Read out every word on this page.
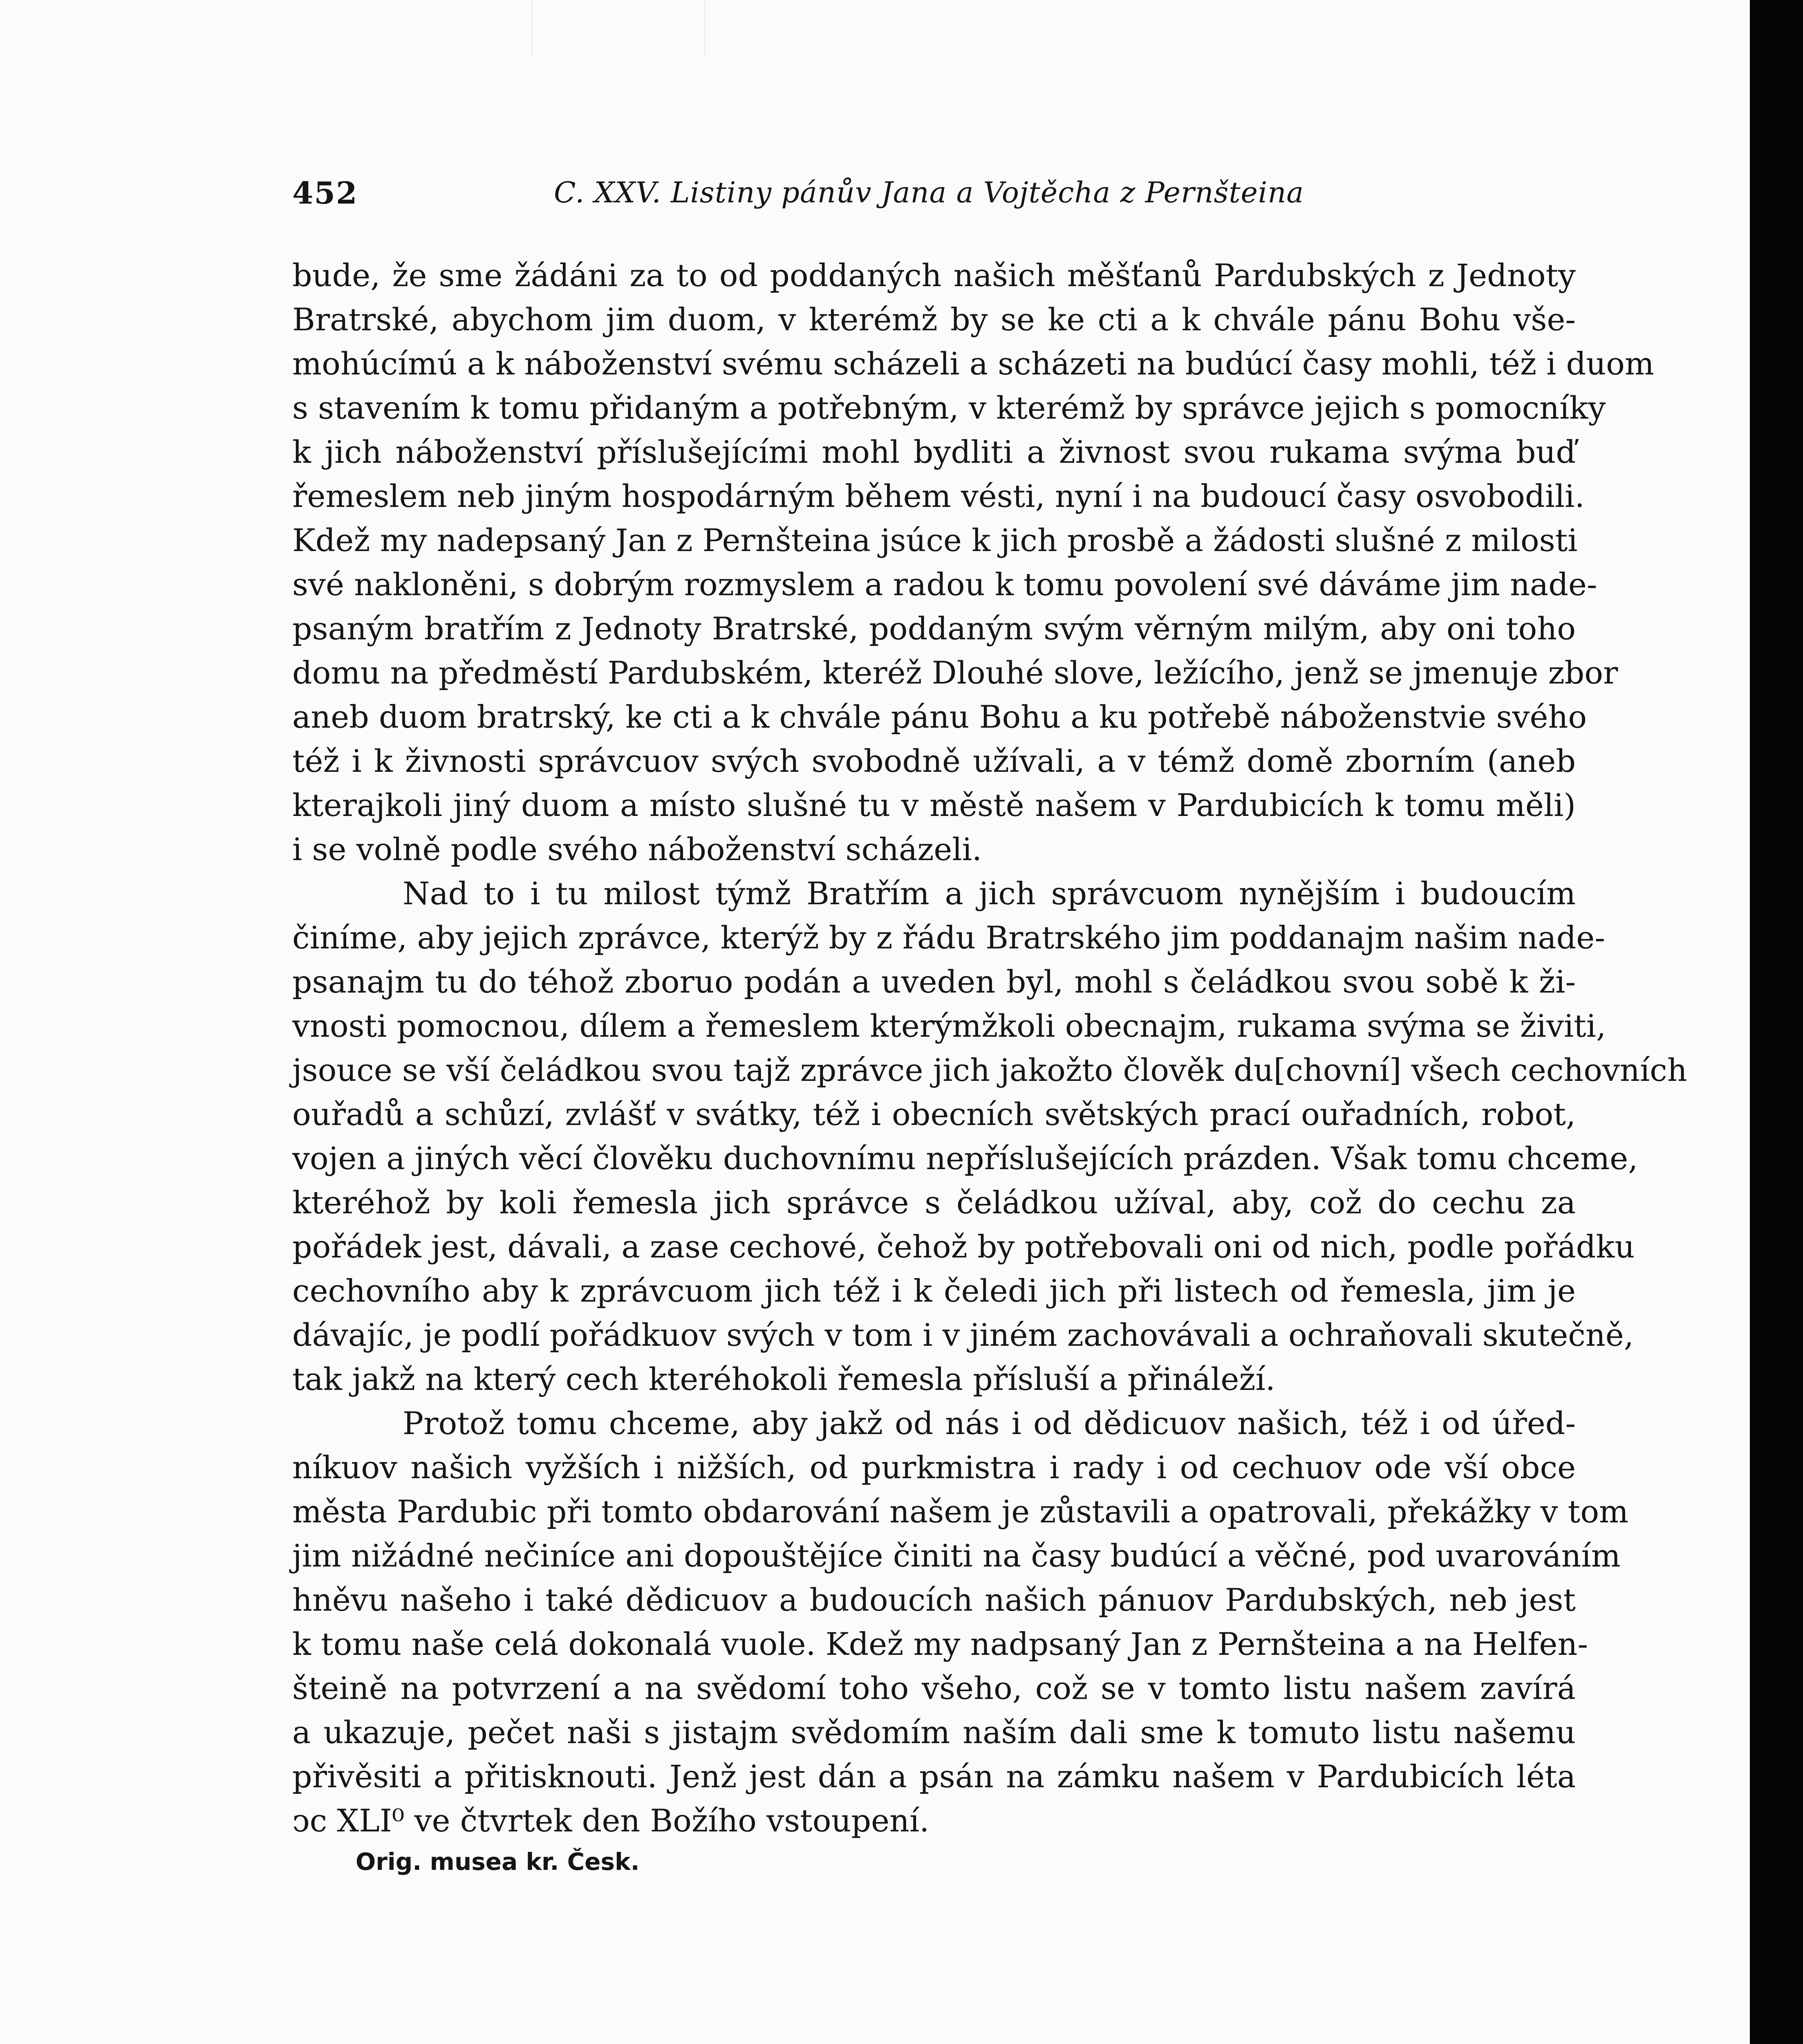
452	C. XXV. Listiny pánův Jana a Vojtěcha z Pernšteina
bude, že sme žádáni za to od poddaných našich měšťanů Pardubských z Jednoty
Bratrské, abychom jim duom, v kterémž by se ke cti a k chvále pánu Bohu vše-
mohúcímú a k náboženství svému scházeli a scházeti na budúcí časy mohli, též i duom
s stavením k tomu přidaným a potřebným, v kterémž by správce jejich s pomocníky
k jich náboženství příslušejícími mohl bydliti a živnost svou rukama svýma buď
řemeslem neb jiným hospodárným během vésti, nyní i na budoucí časy osvobodili.
Kdež my nadepsaný Jan z Pernšteina jsúce k jich prosbě a žádosti slušné z milosti
své nakloněni, s dobrým rozmyslem a radou k tomu povolení své dáváme jim nade-
psaným bratřím z Jednoty Bratrské, poddaným svým věrným milým, aby oni toho
domu na předměstí Pardubském, kteréž Dlouhé slove, ležícího, jenž se jmenuje zbor
aneb duom bratrský, ke cti a k chvále pánu Bohu a ku potřebě náboženstvie svého
též i k živnosti správcuov svých svobodně užívali, a v témž domě zborním (aneb
kterajkoli jiný duom a místo slušné tu v městě našem v Pardubicích k tomu měli)
i se volně podle svého náboženství scházeli.
Nad to i tu milost týmž Bratřím a jich správcuom nynějším i budoucím
činíme, aby jejich zprávce, kterýž by z řádu Bratrského jim poddanajm našim nade-
psanajm tu do téhož zboruo podán a uveden byl, mohl s čeládkou svou sobě k ži-
vnosti pomocnou, dílem a řemeslem kterýmžkoli obecnajm, rukama svýma se živiti,
jsouce se vší čeládkou svou tajž zprávce jich jakožto člověk du[chovní] všech cechovních
ouřadů a schůzí, zvlášť v svátky, též i obecních světských prací ouřadních, robot,
vojen a jiných věcí člověku duchovnímu nepříslušejících prázden. Však tomu chceme,
kteréhož by koli řemesla jich správce s čeládkou užíval, aby, což do cechu za
pořádek jest, dávali, a zase cechové, čehož by potřebovali oni od nich, podle pořádku
cechovního aby k zprávcuom jich též i k čeledi jich při listech od řemesla, jim je
dávajíc, je podlí pořádkuov svých v tom i v jiném zachovávali a ochraňovali skutečně,
tak jakž na který cech kteréhokoli řemesla přísluší a přináleží.
Protož tomu chceme, aby jakž od nás i od dědicuov našich, též i od úřed-
níkuov našich vyžších i nižších, od purkmistra i rady i od cechuov ode vší obce
města Pardubic při tomto obdarování našem je zůstavili a opatrovali, překážky v tom
jim nižádné nečiníce ani dopouštějíce činiti na časy budúcí a věčné, pod uvarováním
hněvu našeho i také dědicuov a budoucích našich pánuov Pardubských, neb jest
k tomu naše celá dokonalá vuole. Kdež my nadpsaný Jan z Pernšteina a na Helfen-
šteině na potvrzení a na svědomí toho všeho, což se v tomto listu našem zavírá
a ukazuje, pečet naši s jistajm svědomím naším dali sme k tomuto listu našemu
přivěsiti a přitisknouti. Jenž jest dán a psán na zámku našem v Pardubicích léta
ͻc XLI⁰ ve čtvrtek den Božího vstoupení.
Orig. musea kr. Česk.
